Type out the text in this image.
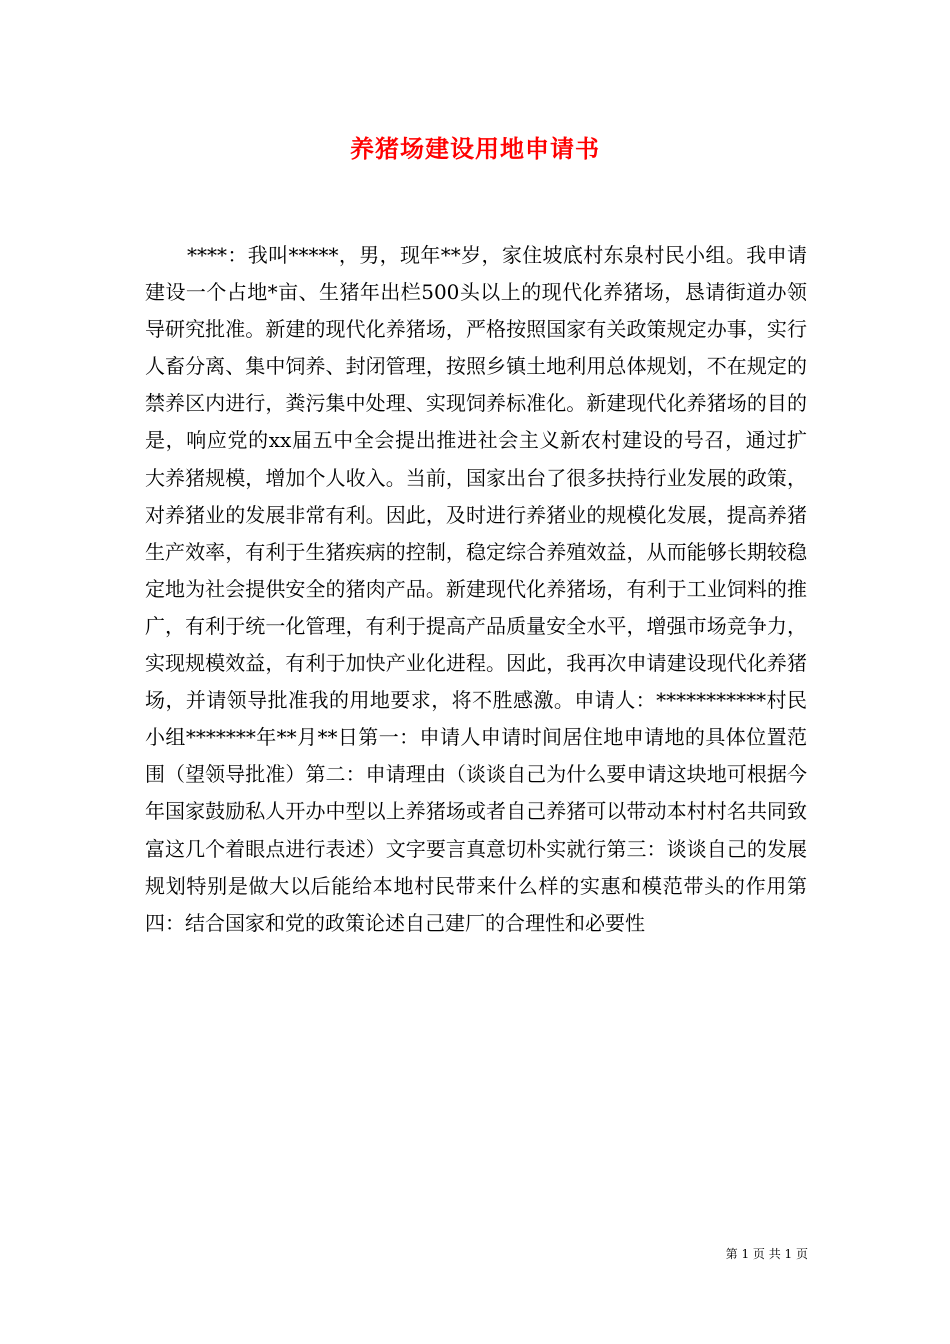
养猪场建设用地申请书

****：我叫*****，男，现年**岁，家住坡底村东泉村民小组。我申请建设一个占地*亩、生猪年出栏500头以上的现代化养猪场，恳请街道办领导研究批准。新建的现代化养猪场，严格按照国家有关政策规定办事，实行人畜分离、集中饲养、封闭管理，按照乡镇土地利用总体规划，不在规定的禁养区内进行，粪污集中处理、实现饲养标准化。新建现代化养猪场的目的是，响应党的xx届五中全会提出推进社会主义新农村建设的号召，通过扩大养猪规模，增加个人收入。当前，国家出台了很多扶持行业发展的政策，对养猪业的发展非常有利。因此，及时进行养猪业的规模化发展，提高养猪生产效率，有利于生猪疾病的控制，稳定综合养殖效益，从而能够长期较稳定地为社会提供安全的猪肉产品。新建现代化养猪场，有利于工业饲料的推广，有利于统一化管理，有利于提高产品质量安全水平，增强市场竞争力，实现规模效益，有利于加快产业化进程。因此，我再次申请建设现代化养猪场，并请领导批准我的用地要求，将不胜感激。申请人：***********村民小组*******年**月**日第一：申请人申请时间居住地申请地的具体位置范围（望领导批准）第二：申请理由（谈谈自己为什么要申请这块地可根据今年国家鼓励私人开办中型以上养猪场或者自己养猪可以带动本村村名共同致富这几个着眼点进行表述）文字要言真意切朴实就行第三：谈谈自己的发展规划特别是做大以后能给本地村民带来什么样的实惠和模范带头的作用第四：结合国家和党的政策论述自己建厂的合理性和必要性

第 1 页 共 1 页
